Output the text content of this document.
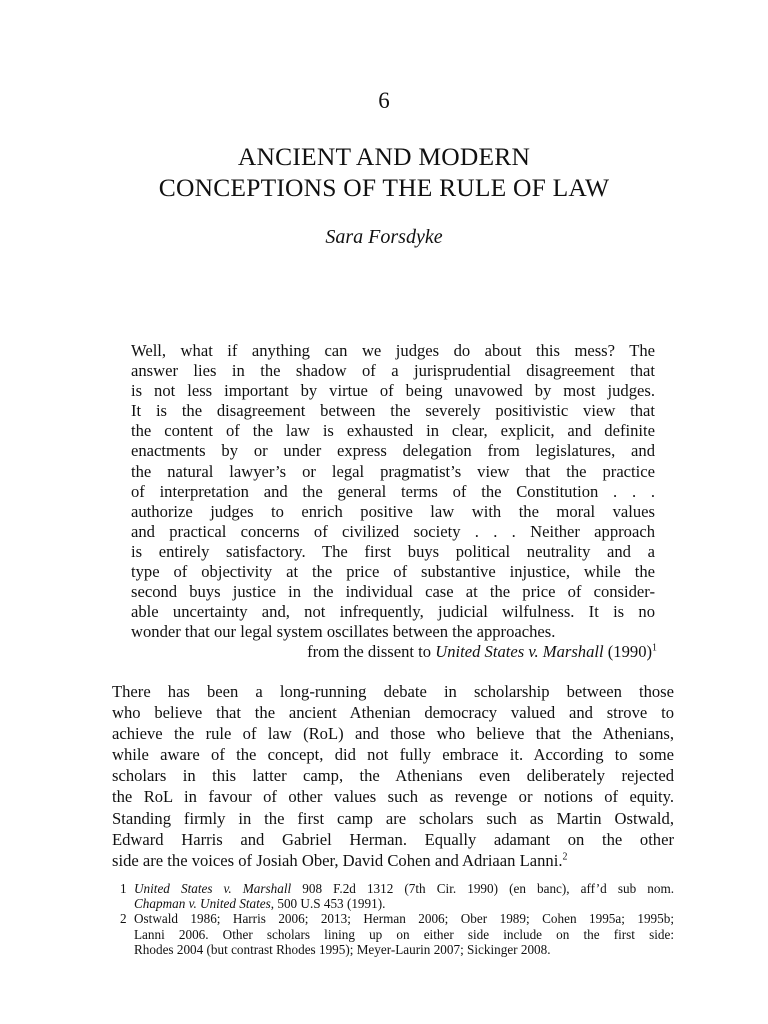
6
ANCIENT AND MODERN
CONCEPTIONS OF THE RULE OF LAW
Sara Forsdyke
Well, what if anything can we judges do about this mess? The
answer lies in the shadow of a jurisprudential disagreement that
is not less important by virtue of being unavowed by most judges.
It is the disagreement between the severely positivistic view that
the content of the law is exhausted in clear, explicit, and definite
enactments by or under express delegation from legislatures, and
the natural lawyer’s or legal pragmatist’s view that the practice
of interpretation and the general terms of the Constitution . . .
authorize judges to enrich positive law with the moral values
and practical concerns of civilized society . . . Neither approach
is entirely satisfactory. The first buys political neutrality and a
type of objectivity at the price of substantive injustice, while the
second buys justice in the individual case at the price of consider-
able uncertainty and, not infrequently, judicial wilfulness. It is no
wonder that our legal system oscillates between the approaches.
from the dissent to United States v. Marshall $(1990)^1$
There has been a long-running debate in scholarship between those
who believe that the ancient Athenian democracy valued and strove to
achieve the rule of law (RoL) and those who believe that the Athenians,
while aware of the concept, did not fully embrace it. According to some
scholars in this latter camp, the Athenians even deliberately rejected
the RoL in favour of other values such as revenge or notions of equity.
Standing firmly in the first camp are scholars such as Martin Ostwald,
Edward Harris and Gabriel Herman. Equally adamant on the other
side are the voices of Josiah Ober, David Cohen and Adriaan Lanni.$^2$
1 United States v. Marshall 908 F.2d 1312 (7th Cir. 1990) (en banc), aff’d sub nom.
Chapman v. United States, 500 U.S 453 (1991).
2 Ostwald 1986; Harris 2006; 2013; Herman 2006; Ober 1989; Cohen 1995a; 1995b;
Lanni 2006. Other scholars lining up on either side include on the first side:
Rhodes 2004 (but contrast Rhodes 1995); Meyer-Laurin 2007; Sickinger 2008.
